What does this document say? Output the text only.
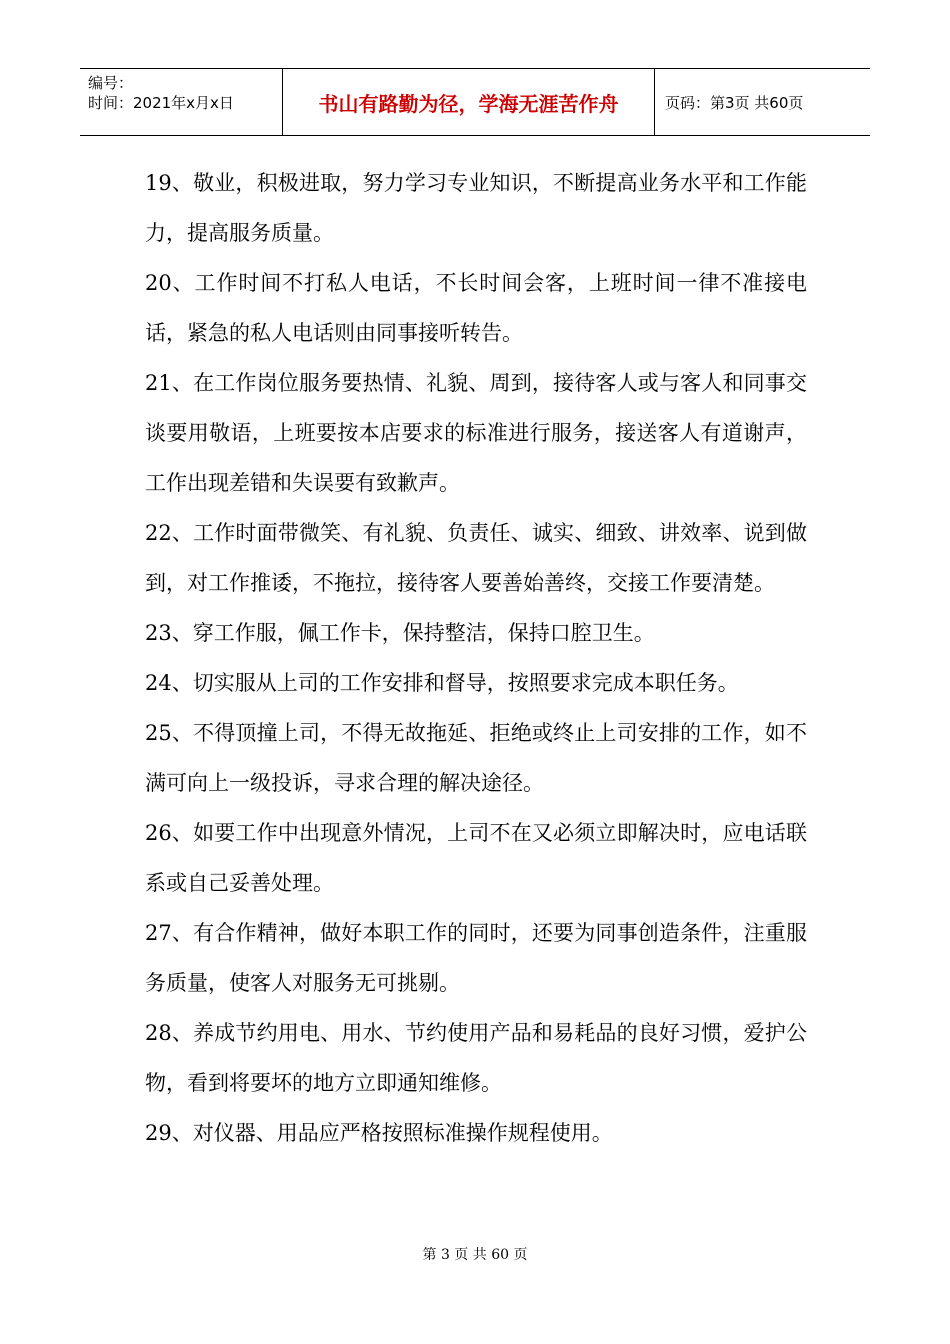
编号：
时间：2021年x月x日	书山有路勤为径，学海无涯苦作舟	页码：第3页 共60页

19、敬业，积极进取，努力学习专业知识，不断提高业务水平和工作能力，提高服务质量。

20、工作时间不打私人电话，不长时间会客，上班时间一律不准接电话，紧急的私人电话则由同事接听转告。

21、在工作岗位服务要热情、礼貌、周到，接待客人或与客人和同事交谈要用敬语，上班要按本店要求的标准进行服务，接送客人有道谢声，工作出现差错和失误要有致歉声。

22、工作时面带微笑、有礼貌、负责任、诚实、细致、讲效率、说到做到，对工作推诿，不拖拉，接待客人要善始善终，交接工作要清楚。

23、穿工作服，佩工作卡，保持整洁，保持口腔卫生。

24、切实服从上司的工作安排和督导，按照要求完成本职任务。

25、不得顶撞上司，不得无故拖延、拒绝或终止上司安排的工作，如不满可向上一级投诉，寻求合理的解决途径。

26、如要工作中出现意外情况，上司不在又必须立即解决时，应电话联系或自己妥善处理。

27、有合作精神，做好本职工作的同时，还要为同事创造条件，注重服务质量，使客人对服务无可挑剔。

28、养成节约用电、用水、节约使用产品和易耗品的良好习惯，爱护公物，看到将要坏的地方立即通知维修。

29、对仪器、用品应严格按照标准操作规程使用。

第 3 页 共 60 页
